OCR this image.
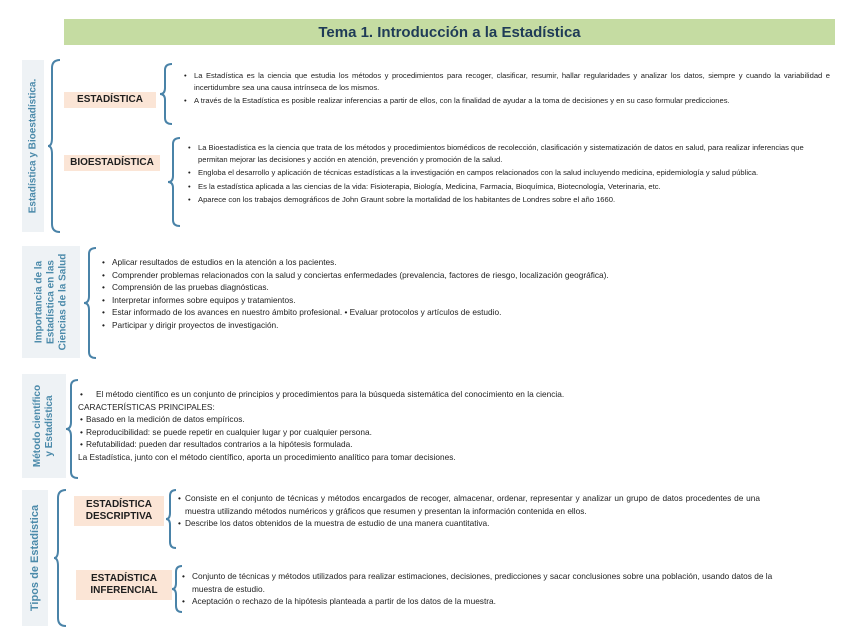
Tema 1. Introducción a la Estadística
Estadística y Bioestadística.	ESTADÍSTICA

• La Estadística es la ciencia que estudia los métodos y procedimientos para recoger, clasificar, resumir, hallar regularidades y analizar los datos, siempre y cuando la variabilidad e incertidumbre sea una causa intrínseca de los mismos.

• A través de la Estadística es posible realizar inferencias a partir de ellos, con la finalidad de ayudar a la toma de decisiones y en su caso formular predicciones.

BIOESTADÍSTICA

• La Bioestadística es la ciencia que trata de los métodos y procedimientos biomédicos de recolección, clasificación y sistematización de datos en salud, para realizar inferencias que permitan mejorar las decisiones y acción en atención, prevención y promoción de la salud.

• Engloba el desarrollo y aplicación de técnicas estadísticas a la investigación en campos relacionados con la salud incluyendo medicina, epidemiología y salud pública.

• Es la estadística aplicada a las ciencias de la vida: Fisioterapia, Biología, Medicina, Farmacia, Bioquímica, Biotecnología, Veterinaria, etc.

• Aparece con los trabajos demográficos de John Graunt sobre la mortalidad de los habitantes de Londres sobre el año 1660.

Importancia de la
Estadística en las
Ciencias de la Salud

•	Aplicar resultados de estudios en la atención a los pacientes.

• Comprender problemas relacionados con la salud y conciertas enfermedades (prevalencia, factores de riesgo, localización geográfica).

• Comprensión de las pruebas diagnósticas.

• Interpretar informes sobre equipos y tratamientos.

• Estar informado de los avances en nuestro ámbito profesional. • Evaluar protocolos y artículos de estudio.

• Participar y dirigir proyectos de investigación.

Método científico
y Estadística

• El método científico es un conjunto de principios y procedimientos para la búsqueda sistemática del conocimiento en la ciencia.

CARACTERÍSTICAS PRINCIPALES:

• Basado en la medición de datos empíricos.

• Reproducibilidad: se puede repetir en cualquier lugar y por cualquier persona.

• Refutabilidad: pueden dar resultados contrarios a la hipótesis formulada.

La Estadística, junto con el método científico, aporta un procedimiento analítico para tomar decisiones.

Tipos de Estadística
ESTADÍSTICA
DESCRIPTIVA

• Consiste en el conjunto de técnicas y métodos encargados de recoger, almacenar, ordenar, representar y analizar un grupo de datos procedentes de una muestra utilizando métodos numéricos y gráficos que resumen y presentan la información contenida en ellos.

• Describe los datos obtenidos de la muestra de estudio de una manera cuantitativa.

ESTADÍSTICA
INFERENCIAL

• Conjunto de técnicas y métodos utilizados para realizar estimaciones, decisiones, predicciones y sacar conclusiones sobre una población, usando datos de la muestra de estudio.

• Aceptación o rechazo de la hipótesis planteada a partir de los datos de la muestra.
